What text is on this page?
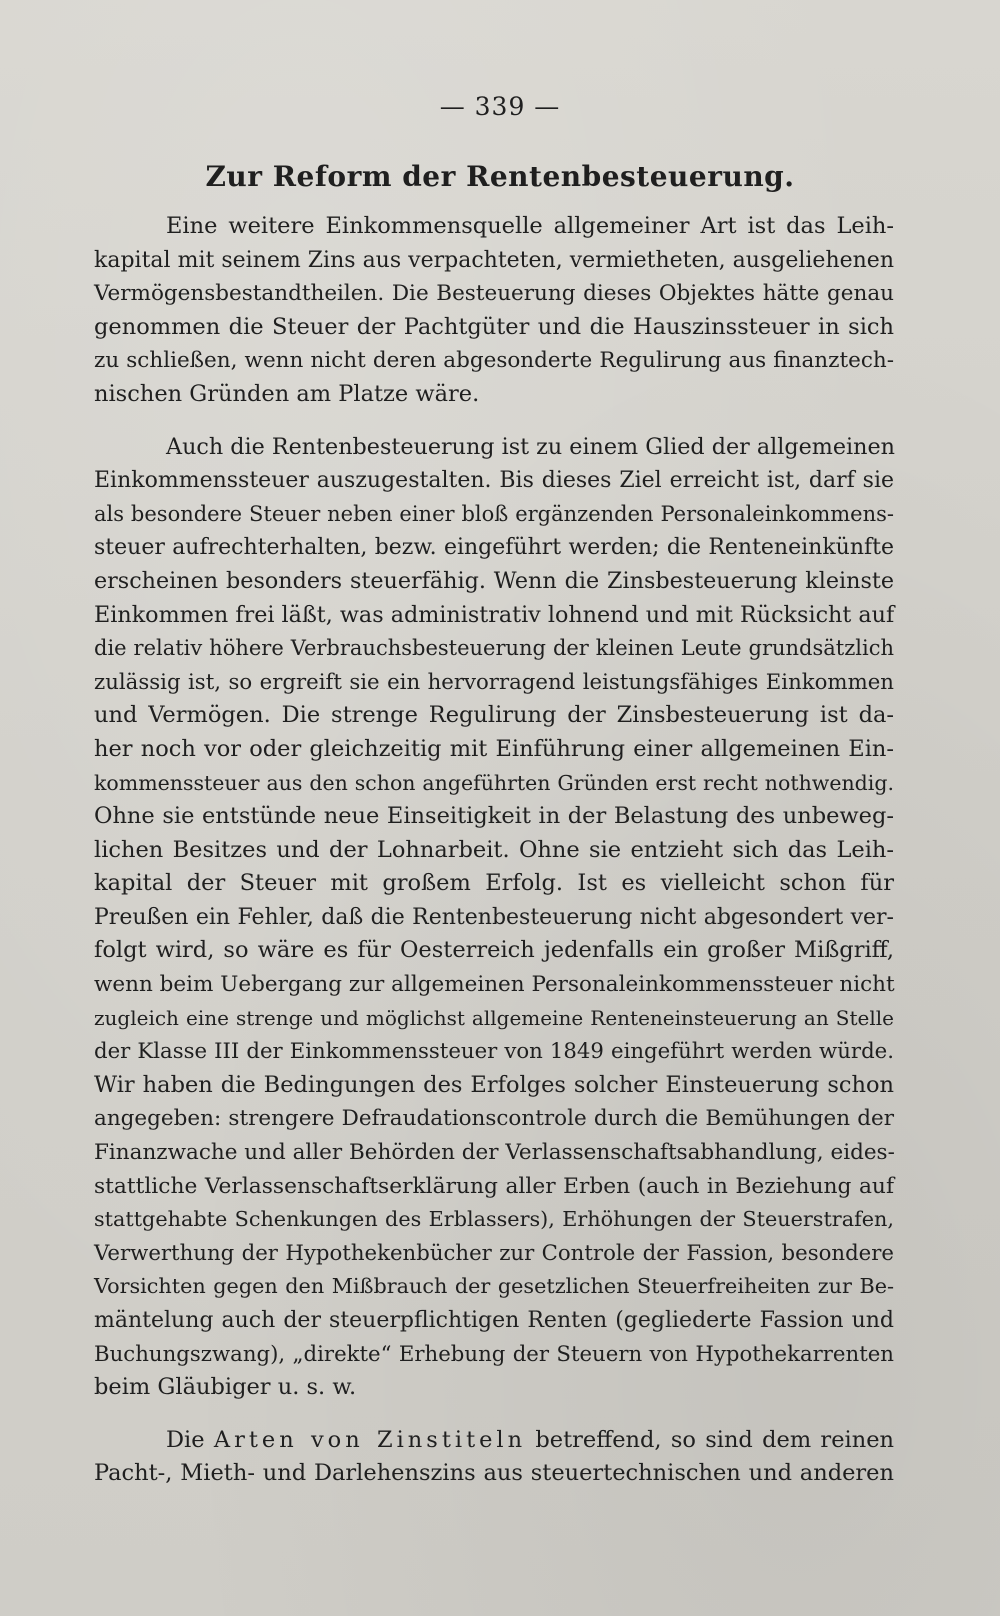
— 339 —
Zur Reform der Rentenbesteuerung.
Eine weitere Einkommensquelle allgemeiner Art ist das Leih-
kapital mit seinem Zins aus verpachteten, vermietheten, ausgeliehenen
Vermögensbestandtheilen. Die Besteuerung dieses Objektes hätte genau
genommen die Steuer der Pachtgüter und die Hauszinssteuer in sich
zu schließen, wenn nicht deren abgesonderte Regulirung aus finanztech-
nischen Gründen am Platze wäre.
Auch die Rentenbesteuerung ist zu einem Glied der allgemeinen
Einkommenssteuer auszugestalten. Bis dieses Ziel erreicht ist, darf sie
als besondere Steuer neben einer bloß ergänzenden Personaleinkommens-
steuer aufrechterhalten, bezw. eingeführt werden; die Renteneinkünfte
erscheinen besonders steuerfähig. Wenn die Zinsbesteuerung kleinste
Einkommen frei läßt, was administrativ lohnend und mit Rücksicht auf
die relativ höhere Verbrauchsbesteuerung der kleinen Leute grundsätzlich
zulässig ist, so ergreift sie ein hervorragend leistungsfähiges Einkommen
und Vermögen. Die strenge Regulirung der Zinsbesteuerung ist da-
her noch vor oder gleichzeitig mit Einführung einer allgemeinen Ein-
kommenssteuer aus den schon angeführten Gründen erst recht nothwendig.
Ohne sie entstünde neue Einseitigkeit in der Belastung des unbeweg-
lichen Besitzes und der Lohnarbeit. Ohne sie entzieht sich das Leih-
kapital der Steuer mit großem Erfolg. Ist es vielleicht schon für
Preußen ein Fehler, daß die Rentenbesteuerung nicht abgesondert ver-
folgt wird, so wäre es für Oesterreich jedenfalls ein großer Mißgriff,
wenn beim Uebergang zur allgemeinen Personaleinkommenssteuer nicht
zugleich eine strenge und möglichst allgemeine Renteneinsteuerung an Stelle
der Klasse III der Einkommenssteuer von 1849 eingeführt werden würde.
Wir haben die Bedingungen des Erfolges solcher Einsteuerung schon
angegeben: strengere Defraudationscontrole durch die Bemühungen der
Finanzwache und aller Behörden der Verlassenschaftsabhandlung, eides-
stattliche Verlassenschaftserklärung aller Erben (auch in Beziehung auf
stattgehabte Schenkungen des Erblassers), Erhöhungen der Steuerstrafen,
Verwerthung der Hypothekenbücher zur Controle der Fassion, besondere
Vorsichten gegen den Mißbrauch der gesetzlichen Steuerfreiheiten zur Be-
mäntelung auch der steuerpflichtigen Renten (gegliederte Fassion und
Buchungszwang), „direkte“ Erhebung der Steuern von Hypothekarrenten
beim Gläubiger u. s. w.
Die Arten von Zinstiteln betreffend, so sind dem reinen
Pacht-, Mieth- und Darlehenszins aus steuertechnischen und anderen
